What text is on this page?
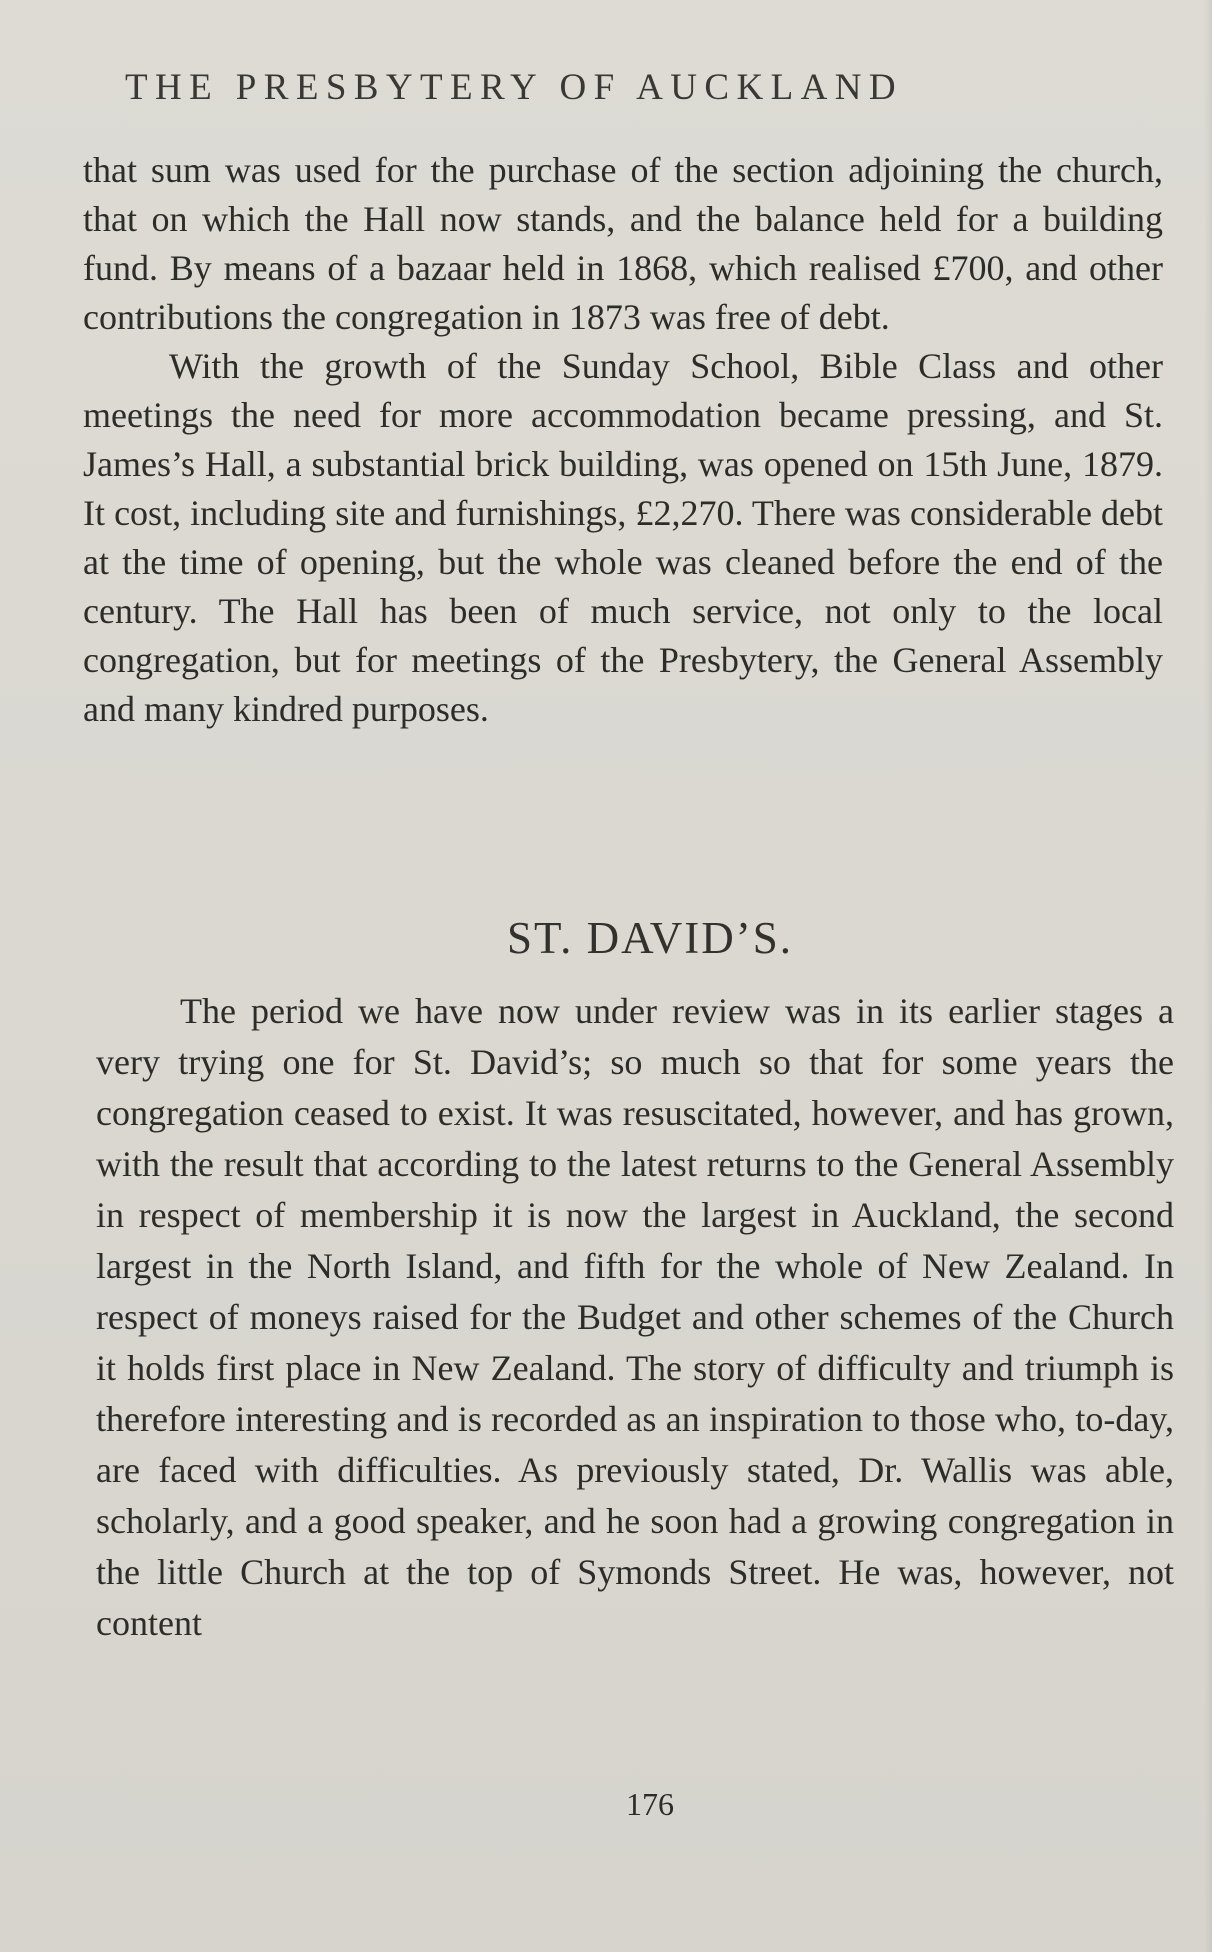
THE PRESBYTERY OF AUCKLAND

that sum was used for the purchase of the section adjoining the church, that on which the Hall now stands, and the balance held for a building fund. By means of a bazaar held in 1868, which realised £700, and other contributions the congregation in 1873 was free of debt.

With the growth of the Sunday School, Bible Class and other meetings the need for more accommodation became pressing, and St. James’s Hall, a substantial brick building, was opened on 15th June, 1879. It cost, including site and furnishings, £2,270. There was considerable debt at the time of opening, but the whole was cleaned before the end of the century. The Hall has been of much service, not only to the local congregation, but for meetings of the Presbytery, the General Assembly and many kindred purposes.

ST. DAVID’S.

The period we have now under review was in its earlier stages a very trying one for St. David’s; so much so that for some years the congregation ceased to exist. It was resuscitated, however, and has grown, with the result that according to the latest returns to the General Assembly in respect of membership it is now the largest in Auckland, the second largest in the North Island, and fifth for the whole of New Zealand. In respect of moneys raised for the Budget and other schemes of the Church it holds first place in New Zealand. The story of difficulty and triumph is therefore interesting and is recorded as an inspiration to those who, to-day, are faced with difficulties. As previously stated, Dr. Wallis was able, scholarly, and a good speaker, and he soon had a growing congregation in the little Church at the top of Symonds Street. He was, however, not content

176
